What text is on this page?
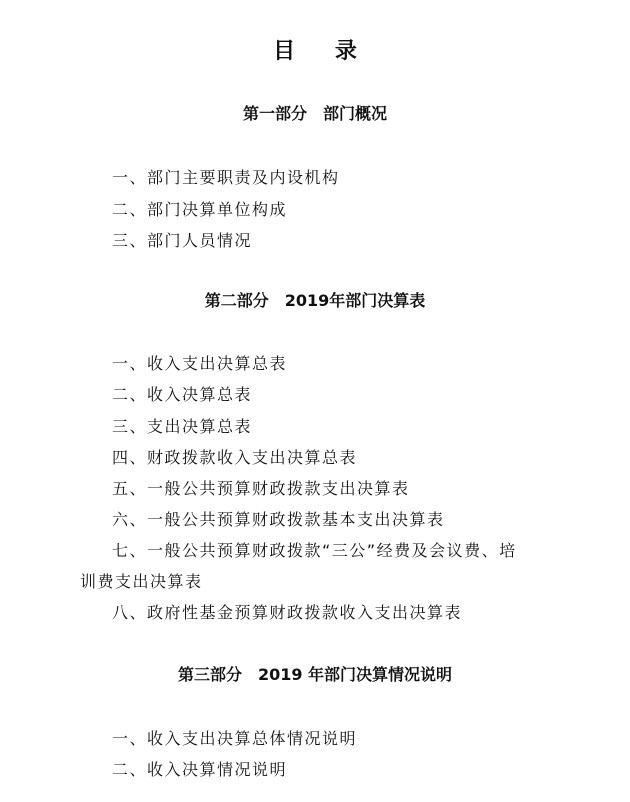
目 录
第一部分　部门概况
一、部门主要职责及内设机构
二、部门决算单位构成
三、部门人员情况
第二部分　2019年部门决算表
一、收入支出决算总表
二、收入决算总表
三、支出决算总表
四、财政拨款收入支出决算总表
五、一般公共预算财政拨款支出决算表
六、一般公共预算财政拨款基本支出决算表
七、一般公共预算财政拨款“三公”经费及会议费、培
训费支出决算表
八、政府性基金预算财政拨款收入支出决算表
第三部分　2019 年部门决算情况说明
一、收入支出决算总体情况说明
二、收入决算情况说明
